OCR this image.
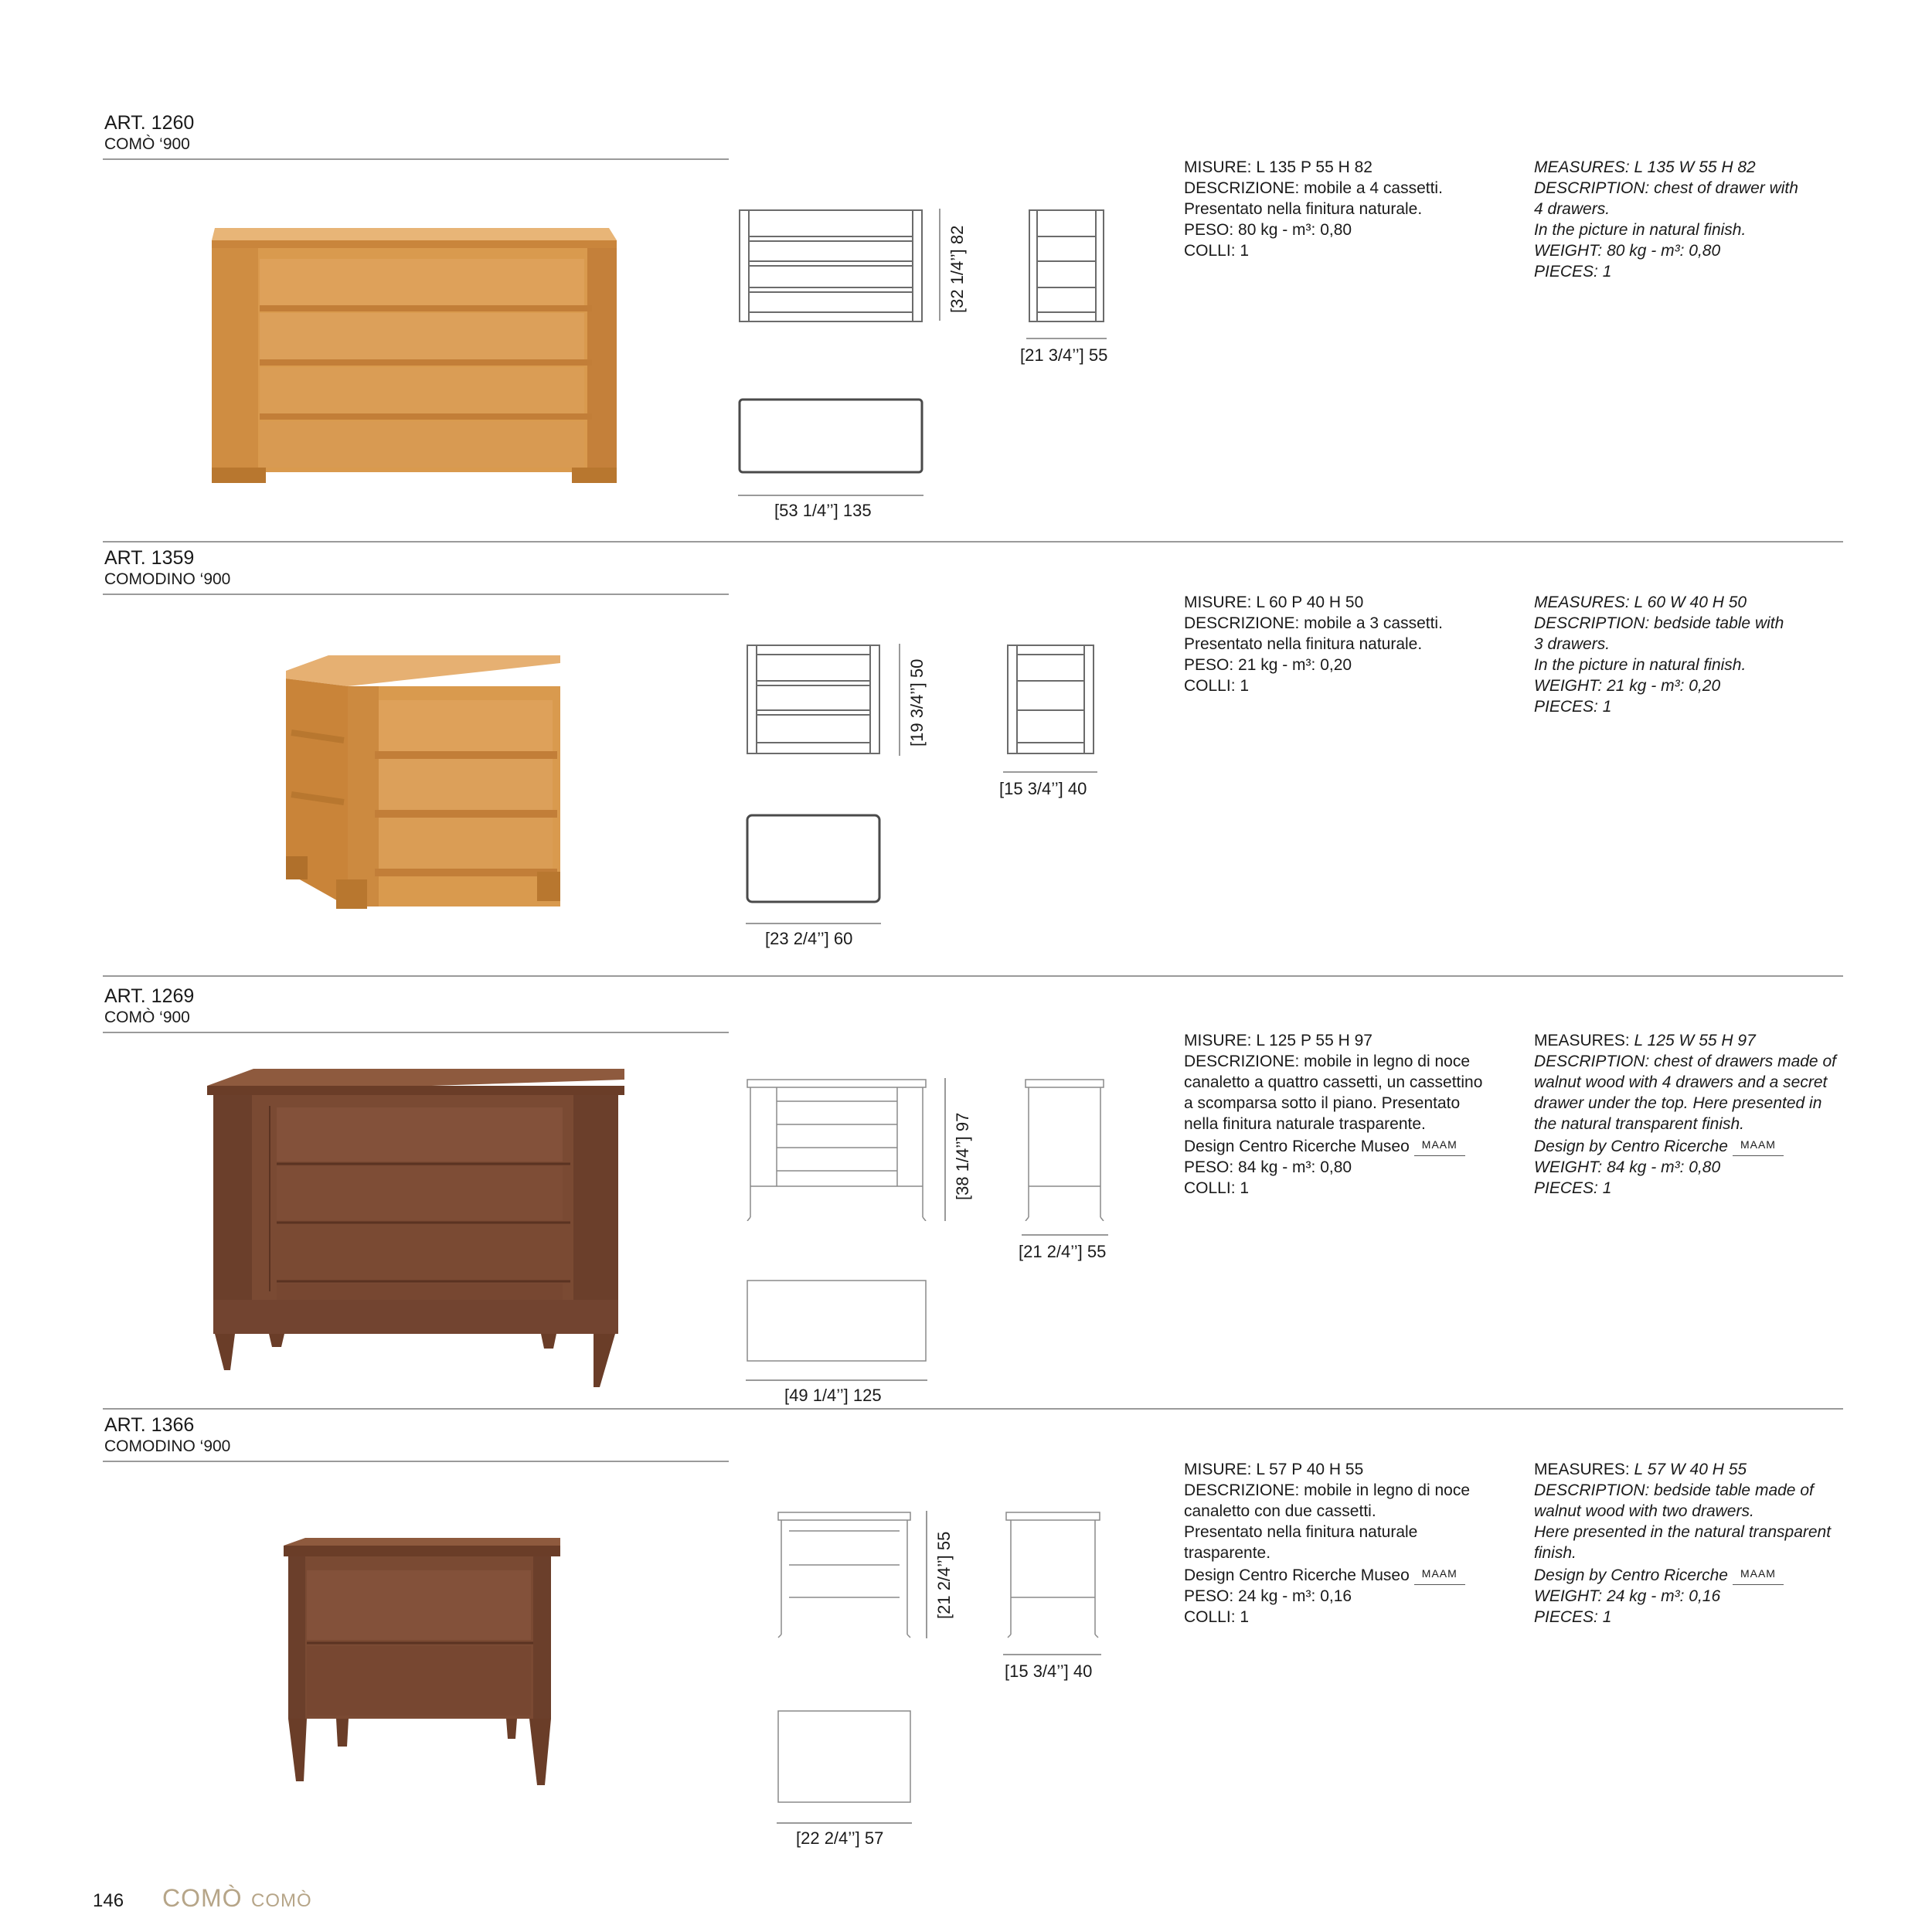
ART. 1260
COMÒ ‘900
[32 1/4’’] 82
[21 3/4’’] 55
[53 1/4’’] 135

MISURE: L 135 P 55 H 82

DESCRIZIONE: mobile a 4 cassetti.

Presentato nella finitura naturale.

PESO: 80 kg - m³: 0,80

COLLI: 1

MEASURES: L 135 W 55 H 82

DESCRIPTION: chest of drawer with

4 drawers.

In the picture in natural finish.

WEIGHT: 80 kg - m³: 0,80

PIECES: 1

ART. 1359
COMODINO ‘900
[19 3/4’’] 50
[15 3/4’’] 40
[23 2/4’’] 60

MISURE: L 60 P 40 H 50

DESCRIZIONE: mobile a 3 cassetti.

Presentato nella finitura naturale.

PESO: 21 kg - m³: 0,20

COLLI: 1

MEASURES: L 60 W 40 H 50

DESCRIPTION: bedside table with

3 drawers.

In the picture in natural finish.

WEIGHT: 21 kg - m³: 0,20

PIECES: 1

ART. 1269
COMÒ ‘900
[38 1/4’’] 97
[21 2/4’’] 55
[49 1/4’’] 125

MISURE: L 125 P 55 H 97

DESCRIZIONE: mobile in legno di noce

canaletto a quattro cassetti, un cassettino

a scomparsa sotto il piano. Presentato

nella finitura naturale trasparente.

Design Centro Ricerche Museo MAAM

PESO: 84 kg - m³: 0,80

COLLI: 1

MEASURES: L 125 W 55 H 97

DESCRIPTION: chest of drawers made of

walnut wood with 4 drawers and a secret

drawer under the top. Here presented in

the natural transparent finish.

Design by Centro Ricerche MAAM

WEIGHT: 84 kg - m³: 0,80

PIECES: 1

ART. 1366
COMODINO ‘900
[21 2/4’’] 55
[15 3/4’’] 40
[22 2/4’’] 57

MISURE: L 57 P 40 H 55

DESCRIZIONE: mobile in legno di noce

canaletto con due cassetti.

Presentato nella finitura naturale

trasparente.

Design Centro Ricerche Museo MAAM

PESO: 24 kg - m³: 0,16

COLLI: 1

MEASURES: L 57 W 40 H 55

DESCRIPTION: bedside table made of

walnut wood with two drawers.

Here presented in the natural transparent

finish.

Design by Centro Ricerche MAAM

WEIGHT: 24 kg - m³: 0,16

PIECES: 1

146 COMÒ COMÒ
